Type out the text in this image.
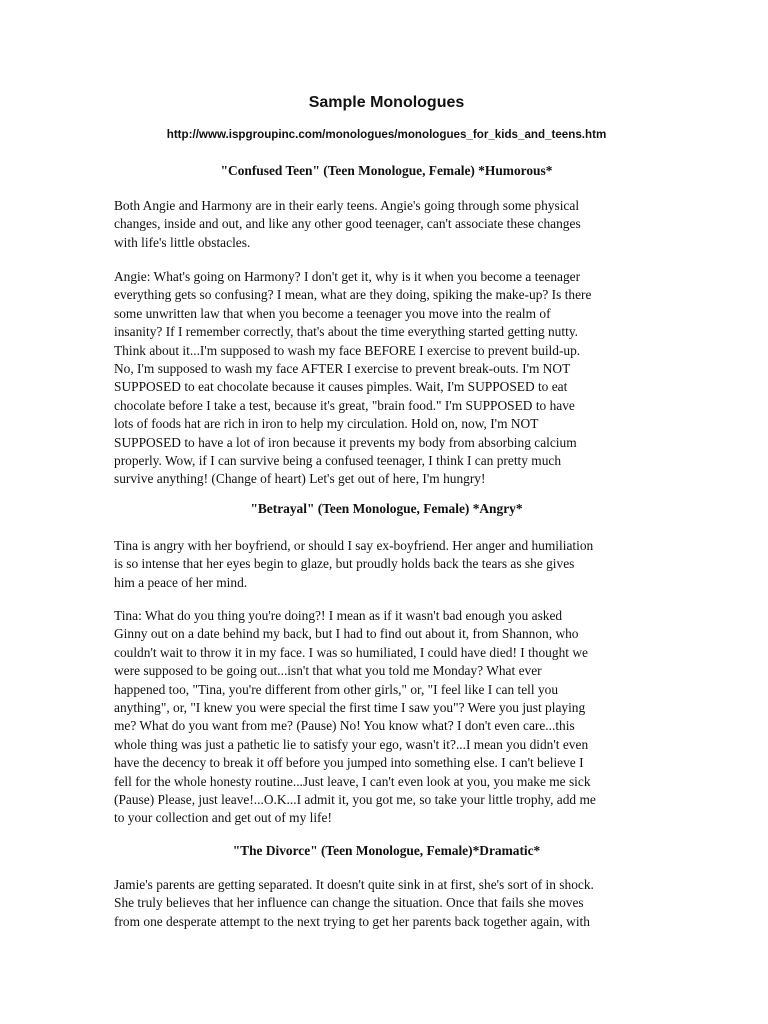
Sample Monologues

http://www.ispgroupinc.com/monologues/monologues_for_kids_and_teens.htm

"Confused Teen" (Teen Monologue, Female) *Humorous*
Both Angie and Harmony are in their early teens. Angie's going through some physical
changes, inside and out, and like any other good teenager, can't associate these changes
with life's little obstacles.
Angie: What's going on Harmony? I don't get it, why is it when you become a teenager
everything gets so confusing? I mean, what are they doing, spiking the make-up? Is there
some unwritten law that when you become a teenager you move into the realm of
insanity? If I remember correctly, that's about the time everything started getting nutty.
Think about it...I'm supposed to wash my face BEFORE I exercise to prevent build-up.
No, I'm supposed to wash my face AFTER I exercise to prevent break-outs. I'm NOT
SUPPOSED to eat chocolate because it causes pimples. Wait, I'm SUPPOSED to eat
chocolate before I take a test, because it's great, "brain food." I'm SUPPOSED to have
lots of foods hat are rich in iron to help my circulation. Hold on, now, I'm NOT
SUPPOSED to have a lot of iron because it prevents my body from absorbing calcium
properly. Wow, if I can survive being a confused teenager, I think I can pretty much
survive anything! (Change of heart) Let's get out of here, I'm hungry!
"Betrayal" (Teen Monologue, Female) *Angry*
Tina is angry with her boyfriend, or should I say ex-boyfriend. Her anger and humiliation
is so intense that her eyes begin to glaze, but proudly holds back the tears as she gives
him a peace of her mind.
Tina: What do you thing you're doing?! I mean as if it wasn't bad enough you asked
Ginny out on a date behind my back, but I had to find out about it, from Shannon, who
couldn't wait to throw it in my face. I was so humiliated, I could have died! I thought we
were supposed to be going out...isn't that what you told me Monday? What ever
happened too, "Tina, you're different from other girls," or, "I feel like I can tell you
anything", or, "I knew you were special the first time I saw you"? Were you just playing
me? What do you want from me? (Pause) No! You know what? I don't even care...this
whole thing was just a pathetic lie to satisfy your ego, wasn't it?...I mean you didn't even
have the decency to break it off before you jumped into something else. I can't believe I
fell for the whole honesty routine...Just leave, I can't even look at you, you make me sick
(Pause) Please, just leave!...O.K...I admit it, you got me, so take your little trophy, add me
to your collection and get out of my life!
"The Divorce" (Teen Monologue, Female)*Dramatic*
Jamie's parents are getting separated. It doesn't quite sink in at first, she's sort of in shock.
She truly believes that her influence can change the situation. Once that fails she moves
from one desperate attempt to the next trying to get her parents back together again, with
